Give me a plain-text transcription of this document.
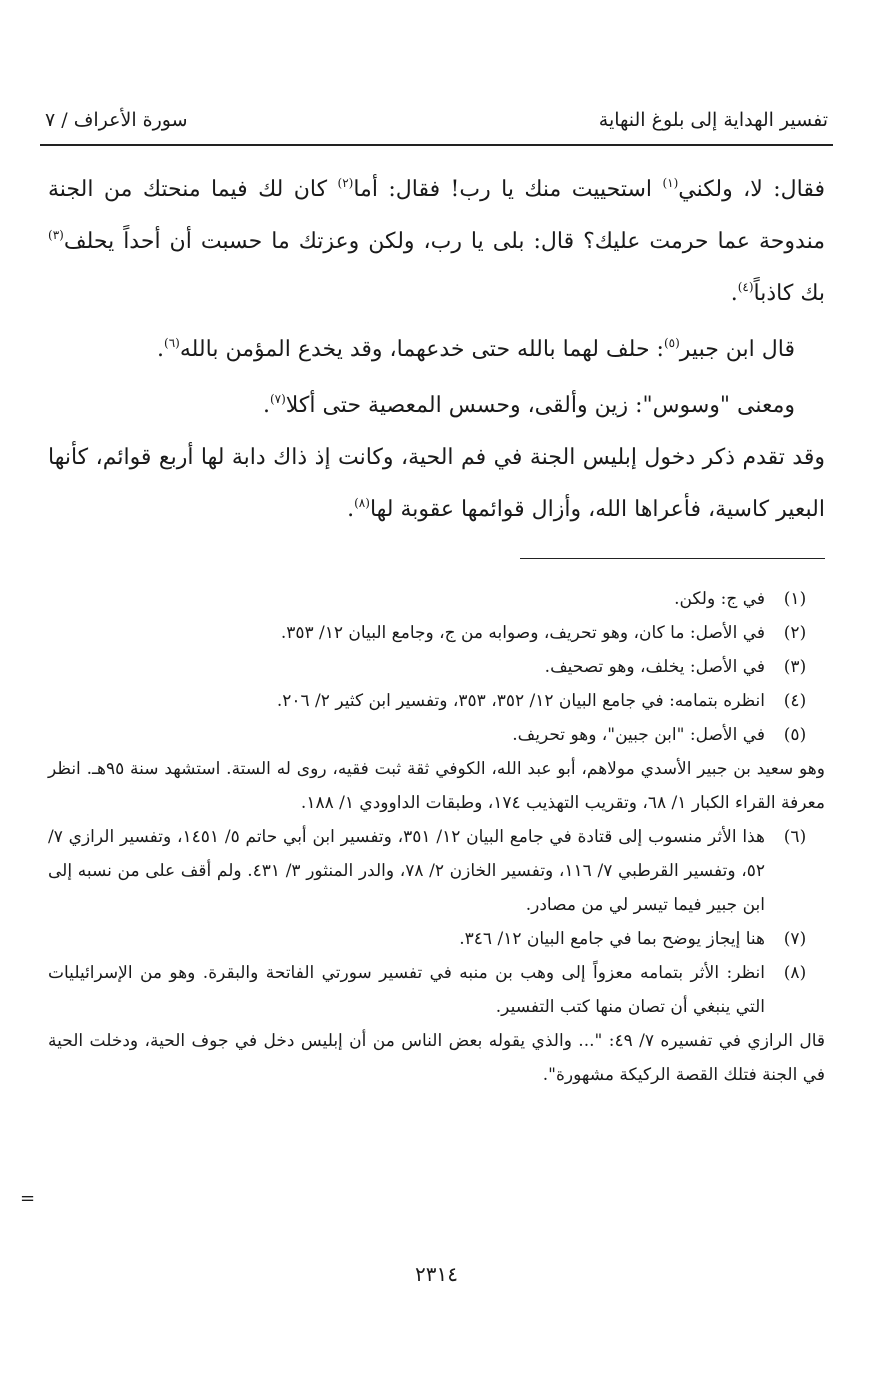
تفسير الهداية إلى بلوغ النهاية
سورة الأعراف / ٧

فقال: لا، ولكني$^{(١)}$ استحييت منك يا رب! فقال: أما$^{(٢)}$ كان لك فيما منحتك من الجنة مندوحة عما حرمت عليك؟ قال: بلى يا رب، ولكن وعزتك ما حسبت أن أحداً يحلف$^{(٣)}$ بك كاذباً$^{(٤)}$.

قال ابن جبير$^{(٥)}$: حلف لهما بالله حتى خدعهما، وقد يخدع المؤمن بالله$^{(٦)}$.

ومعنى "وسوس": زين وألقى، وحسس المعصية حتى أكلا$^{(٧)}$.

وقد تقدم ذكر دخول إبليس الجنة في فم الحية، وكانت إذ ذاك دابة لها أربع قوائم، كأنها البعير كاسية، فأعراها الله، وأزال قوائمها عقوبة لها$^{(٨)}$.

(١)
في ج: ولكن.
(٢)
في الأصل: ما كان، وهو تحريف، وصوابه من ج، وجامع البيان ١٢/ ٣٥٣.
(٣)
في الأصل: يخلف، وهو تصحيف.
(٤)
انظره بتمامه: في جامع البيان ١٢/ ٣٥٢، ٣٥٣، وتفسير ابن كثير ٢/ ٢٠٦.
(٥)
في الأصل: "ابن جبين"، وهو تحريف.

وهو سعيد بن جبير الأسدي مولاهم، أبو عبد الله، الكوفي ثقة ثبت فقيه، روى له الستة. استشهد سنة ٩٥هـ. انظر معرفة القراء الكبار ١/ ٦٨، وتقريب التهذيب ١٧٤، وطبقات الداوودي ١/ ١٨٨.

(٦)
هذا الأثر منسوب إلى قتادة في جامع البيان ١٢/ ٣٥١، وتفسير ابن أبي حاتم ٥/ ١٤٥١، وتفسير الرازي ٧/ ٥٢، وتفسير القرطبي ٧/ ١١٦، وتفسير الخازن ٢/ ٧٨، والدر المنثور ٣/ ٤٣١. ولم أقف على من نسبه إلى ابن جبير فيما تيسر لي من مصادر.
(٧)
هنا إيجاز يوضح بما في جامع البيان ١٢/ ٣٤٦.
(٨)
انظر: الأثر بتمامه معزواً إلى وهب بن منبه في تفسير سورتي الفاتحة والبقرة. وهو من الإسرائيليات التي ينبغي أن تصان منها كتب التفسير.

قال الرازي في تفسيره ٧/ ٤٩: "... والذي يقوله بعض الناس من أن إبليس دخل في جوف الحية، ودخلت الحية في الجنة فتلك القصة الركيكة مشهورة".

=
٢٣١٤
